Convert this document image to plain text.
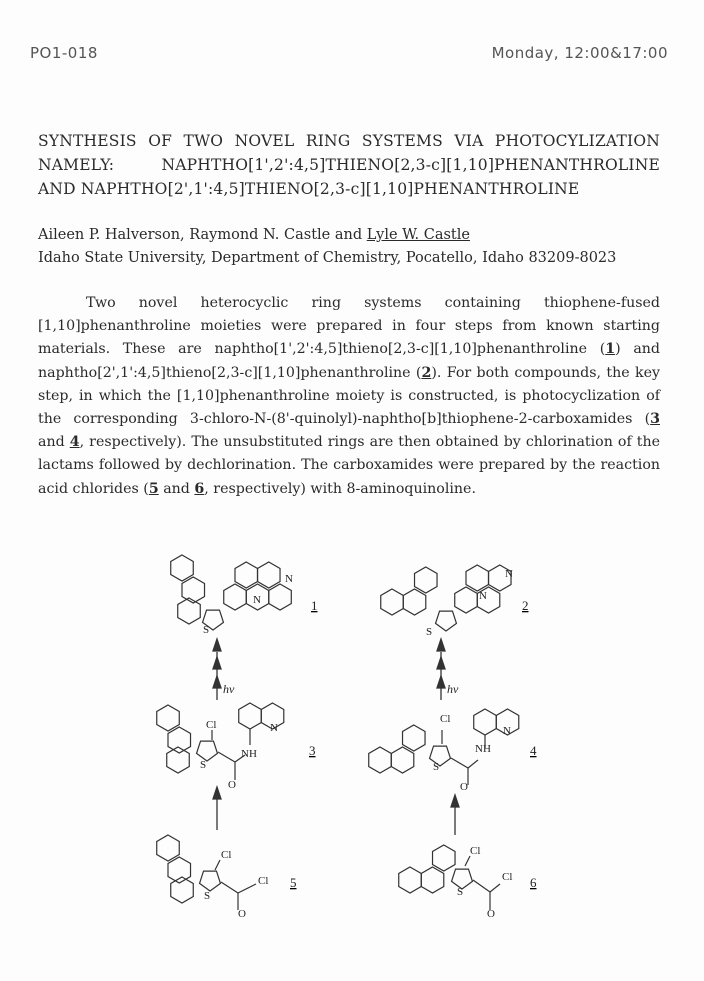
PO1-018	Monday, 12:00&17:00
SYNTHESIS OF TWO NOVEL RING SYSTEMS VIA PHOTOCYLIZATION
NAMELY:	NAPHTHO[1',2':4,5]THIENO[2,3-c][1,10]PHENANTHROLINE
AND NAPHTHO[2',1':4,5]THIENO[2,3-c][1,10]PHENANTHROLINE
Aileen P. Halverson, Raymond N. Castle and Lyle W. Castle
Idaho State University, Department of Chemistry, Pocatello, Idaho 83209-8023
Two novel heterocyclic ring systems containing thiophene-fused [1,10]phenanthroline moieties were prepared in four steps from known starting materials. These are naphtho[1',2':4,5]thieno[2,3-c][1,10]phenanthroline (1) and naphtho[2',1':4,5]thieno[2,3-c][1,10]phenanthroline (2). For both compounds, the key step, in which the [1,10]phenanthroline moiety is constructed, is photocyclization of the corresponding 3-chloro-N-(8'-quinolyl)-naphtho[b]thiophene-2-carboxamides (3 and 4, respectively). The unsubstituted rings are then obtained by chlorination of the lactams followed by dechlorination. The carboxamides were prepared by the reaction acid chlorides (5 and 6, respectively) with 8-aminoquinoline.
N
N
S
N
N
S
Cl	N
NH
S
O
Cl
N
NH
S
O
Cl
Cl
S
O
Cl
Cl
S
O
hν	hν
1	2
3	4
5	6
